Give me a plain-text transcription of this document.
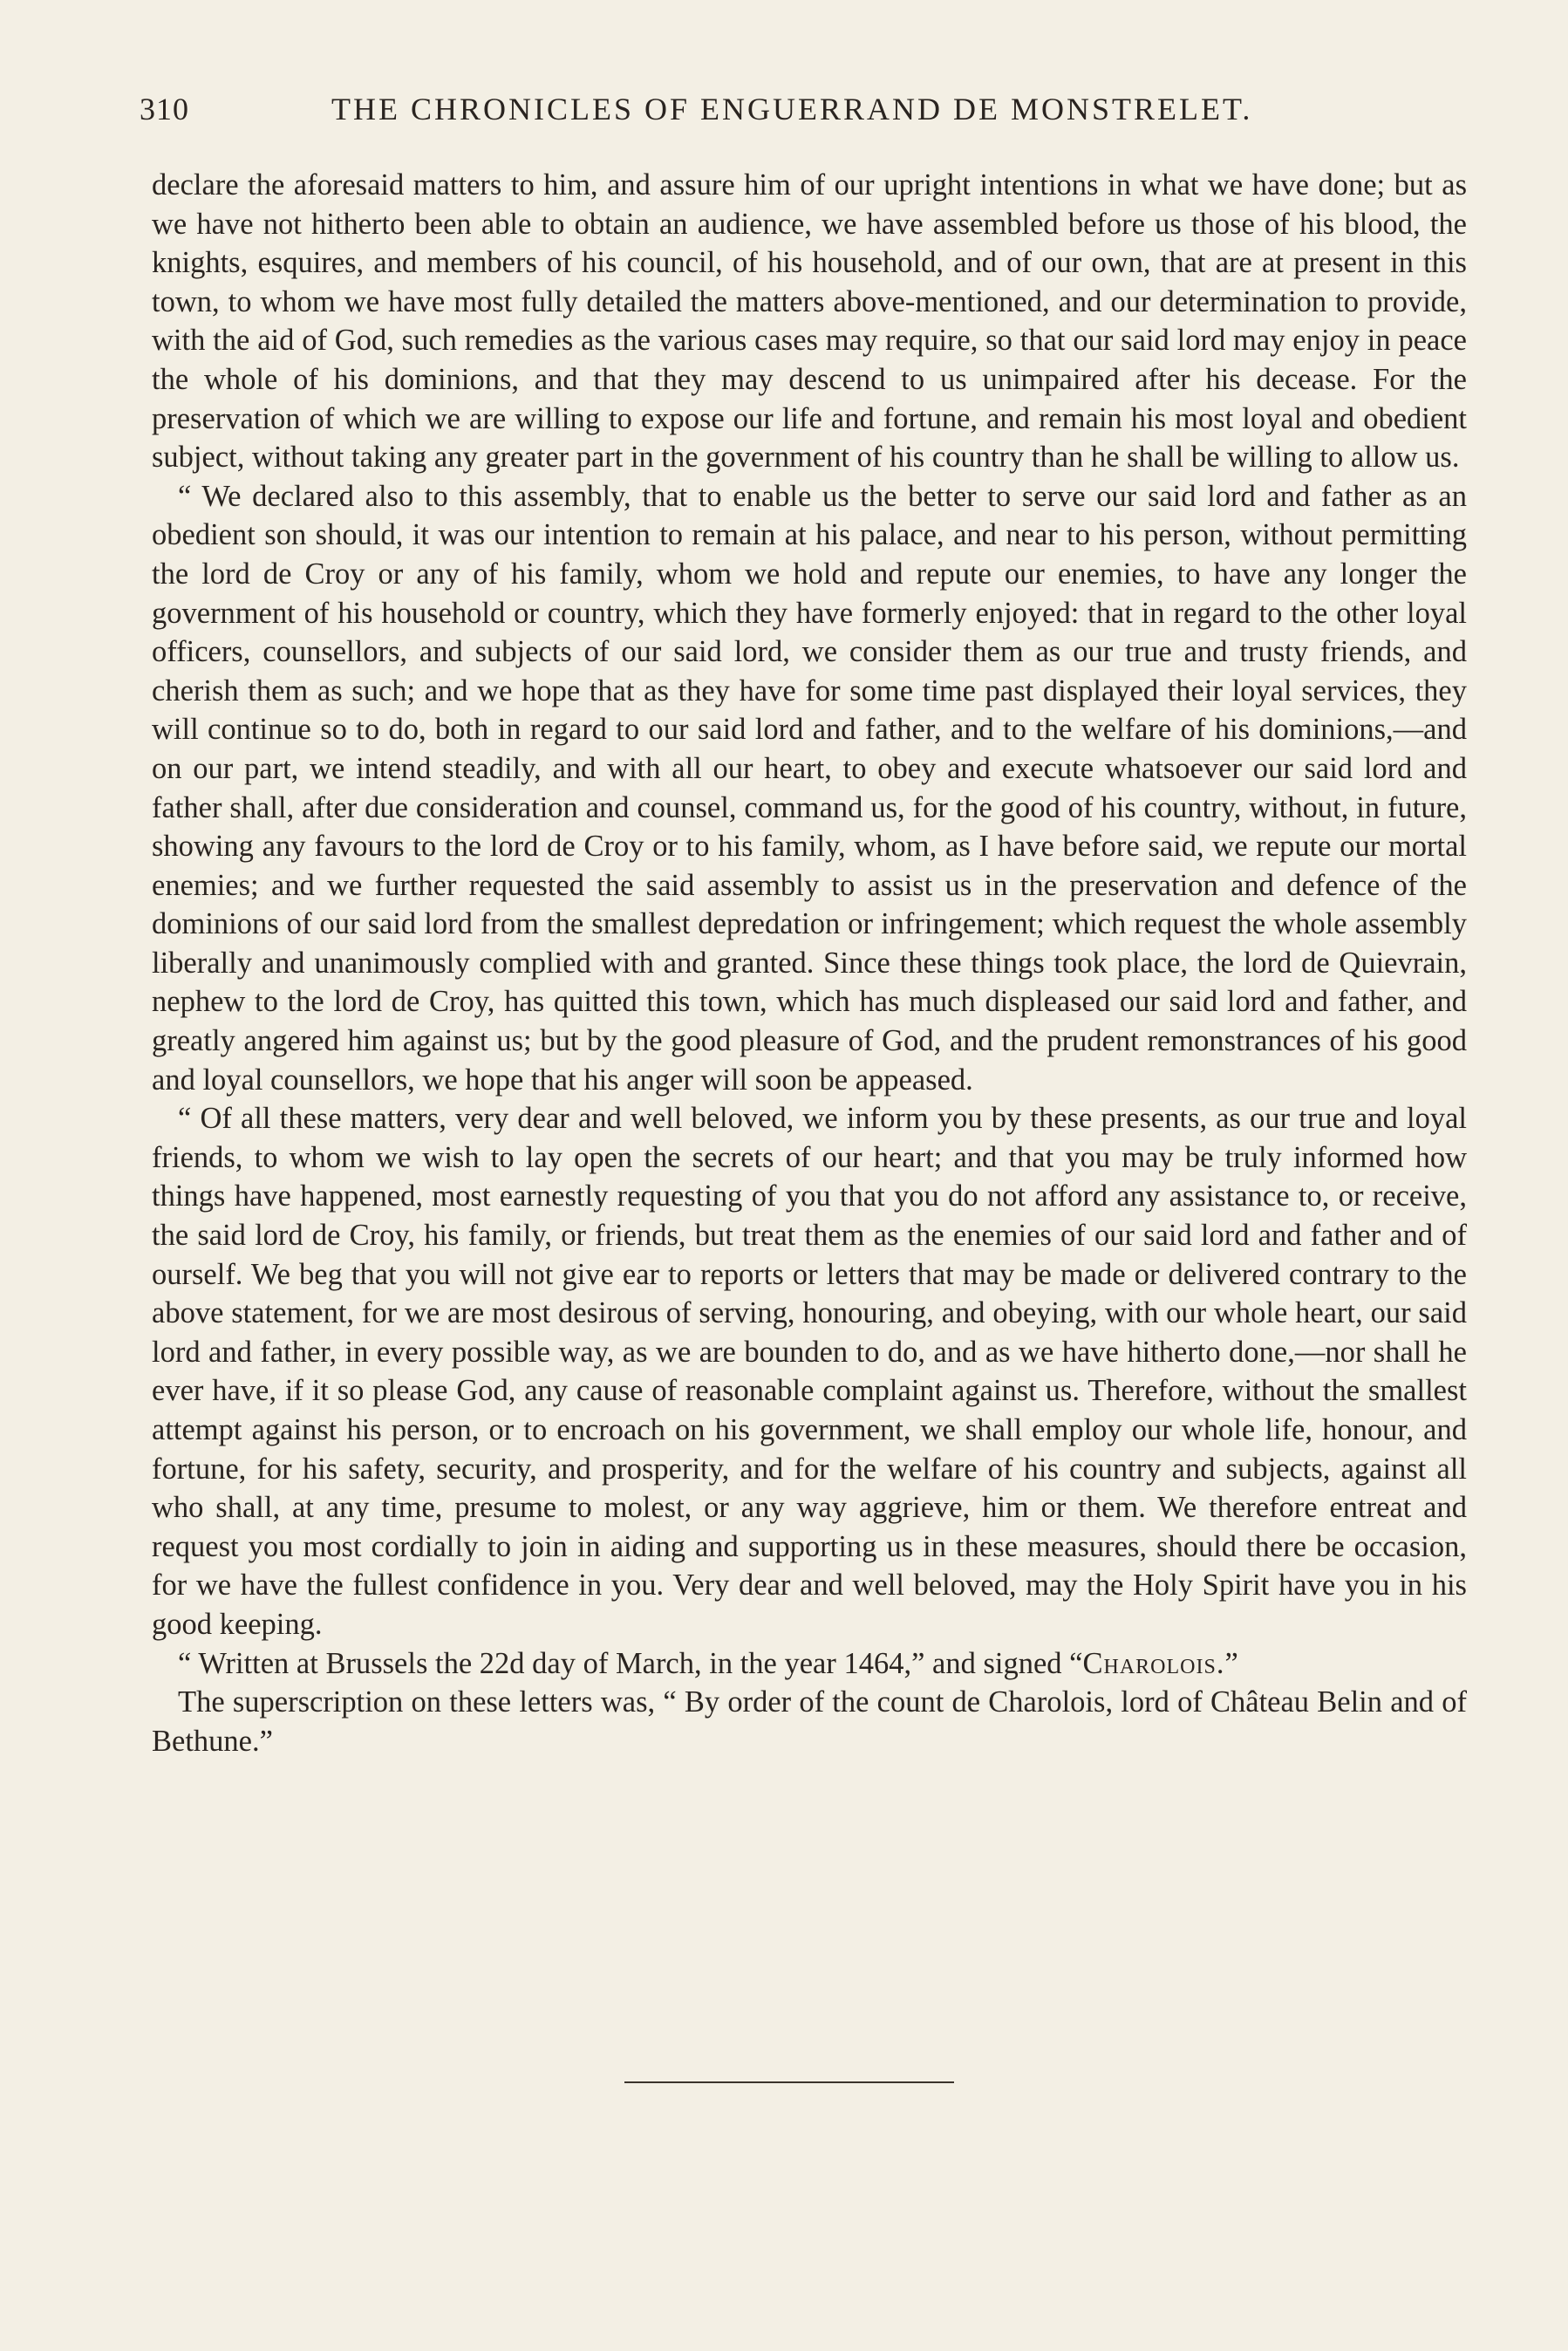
310	THE CHRONICLES OF ENGUERRAND DE MONSTRELET.

declare the aforesaid matters to him, and assure him of our upright intentions in what we have done; but as we have not hitherto been able to obtain an audience, we have assembled before us those of his blood, the knights, esquires, and members of his council, of his household, and of our own, that are at present in this town, to whom we have most fully detailed the matters above-mentioned, and our determination to provide, with the aid of God, such remedies as the various cases may require, so that our said lord may enjoy in peace the whole of his dominions, and that they may descend to us unimpaired after his decease. For the preservation of which we are willing to expose our life and fortune, and remain his most loyal and obedient subject, without taking any greater part in the government of his country than he shall be willing to allow us.

“ We declared also to this assembly, that to enable us the better to serve our said lord and father as an obedient son should, it was our intention to remain at his palace, and near to his person, without permitting the lord de Croy or any of his family, whom we hold and repute our enemies, to have any longer the government of his household or country, which they have formerly enjoyed: that in regard to the other loyal officers, counsellors, and subjects of our said lord, we consider them as our true and trusty friends, and cherish them as such; and we hope that as they have for some time past displayed their loyal services, they will continue so to do, both in regard to our said lord and father, and to the welfare of his dominions,—and on our part, we intend steadily, and with all our heart, to obey and execute whatsoever our said lord and father shall, after due consideration and counsel, command us, for the good of his country, without, in future, showing any favours to the lord de Croy or to his family, whom, as I have before said, we repute our mortal enemies; and we further requested the said assembly to assist us in the preservation and defence of the dominions of our said lord from the smallest depredation or infringement; which request the whole assembly liberally and unanimously complied with and granted. Since these things took place, the lord de Quievrain, nephew to the lord de Croy, has quitted this town, which has much displeased our said lord and father, and greatly angered him against us; but by the good pleasure of God, and the prudent remonstrances of his good and loyal counsellors, we hope that his anger will soon be appeased.

“ Of all these matters, very dear and well beloved, we inform you by these presents, as our true and loyal friends, to whom we wish to lay open the secrets of our heart; and that you may be truly informed how things have happened, most earnestly requesting of you that you do not afford any assistance to, or receive, the said lord de Croy, his family, or friends, but treat them as the enemies of our said lord and father and of ourself. We beg that you will not give ear to reports or letters that may be made or delivered contrary to the above statement, for we are most desirous of serving, honouring, and obeying, with our whole heart, our said lord and father, in every possible way, as we are bounden to do, and as we have hitherto done,—nor shall he ever have, if it so please God, any cause of reasonable complaint against us. Therefore, without the smallest attempt against his person, or to encroach on his government, we shall employ our whole life, honour, and fortune, for his safety, security, and prosperity, and for the welfare of his country and subjects, against all who shall, at any time, presume to molest, or any way aggrieve, him or them. We therefore entreat and request you most cordially to join in aiding and supporting us in these measures, should there be occasion, for we have the fullest confidence in you. Very dear and well beloved, may the Holy Spirit have you in his good keeping.

“ Written at Brussels the 22d day of March, in the year 1464,” and signed “Charolois.”

The superscription on these letters was, “ By order of the count de Charolois, lord of Château Belin and of Bethune.”
